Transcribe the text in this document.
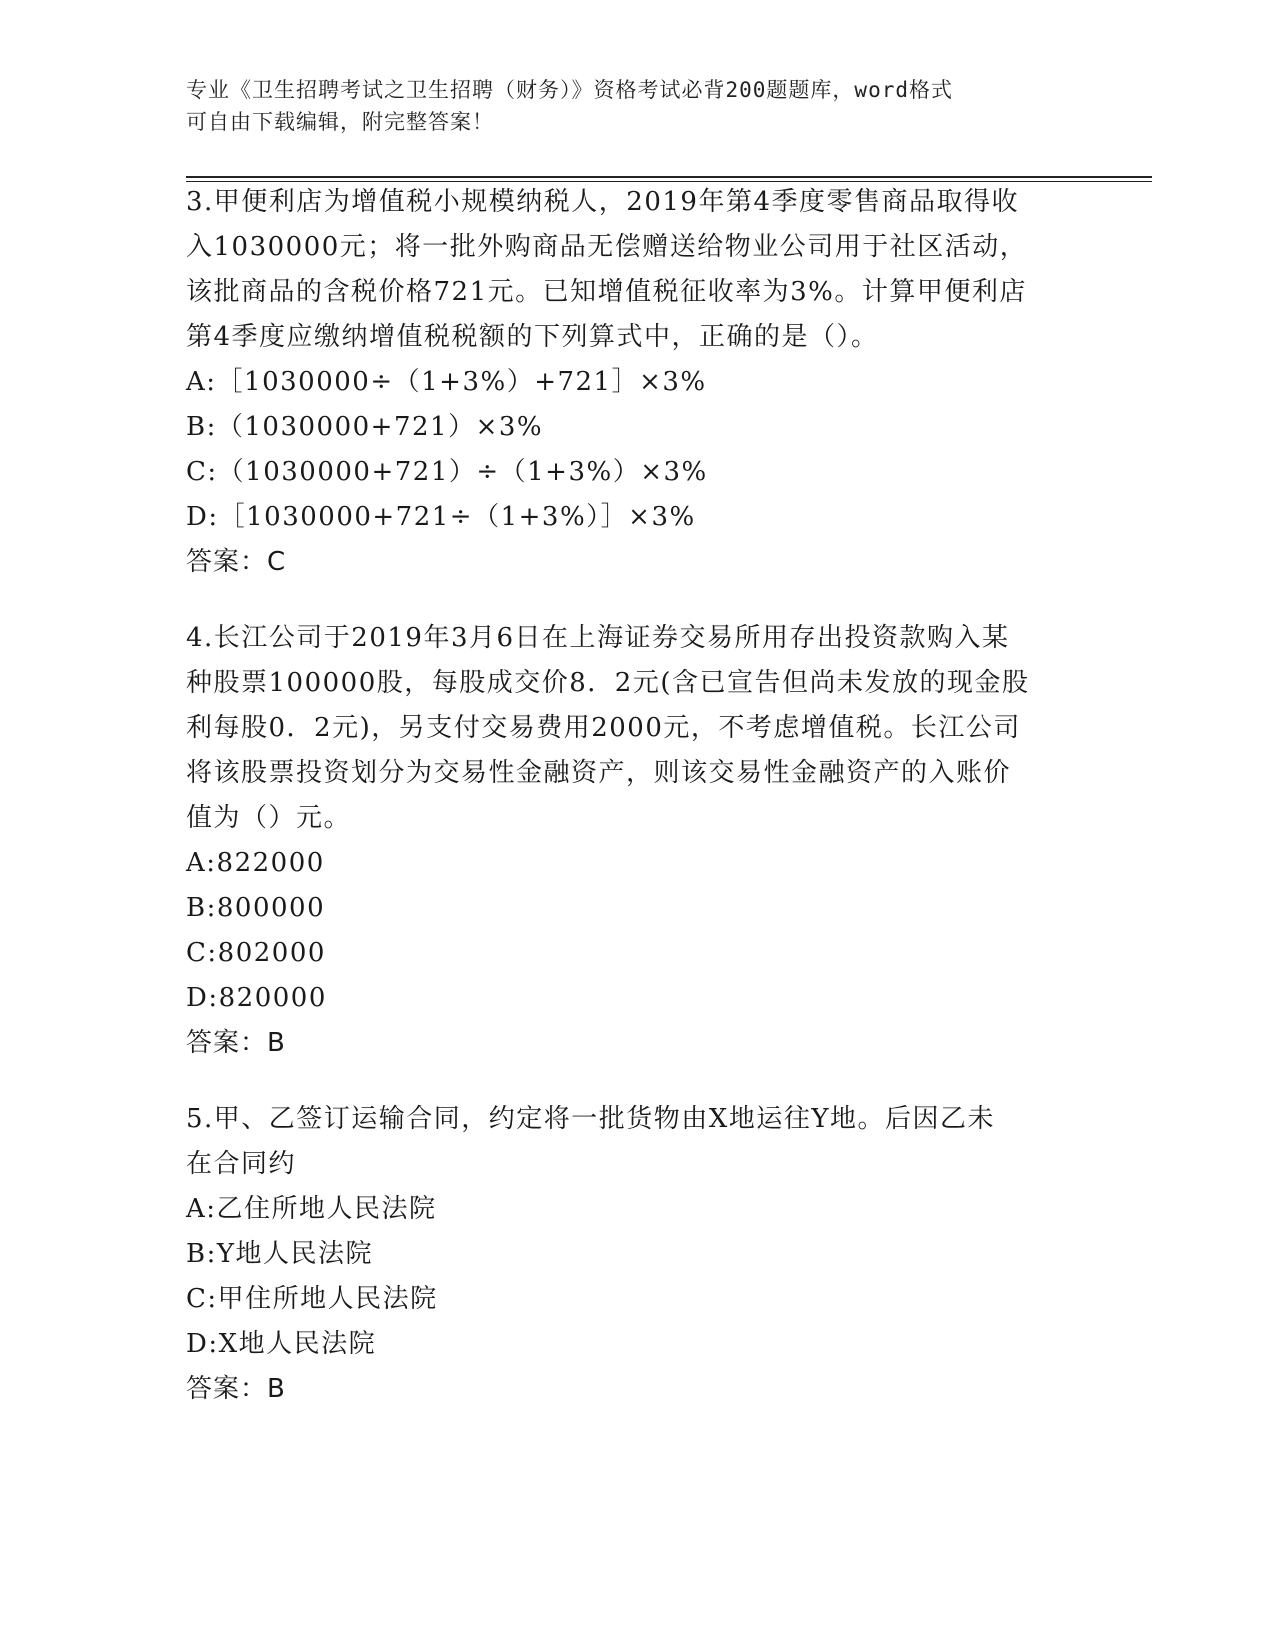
专业《卫生招聘考试之卫生招聘（财务）》资格考试必背200题题库，word格式
可自由下载编辑，附完整答案！
3.甲便利店为增值税小规模纳税人，2019年第4季度零售商品取得收
入1030000元；将一批外购商品无偿赠送给物业公司用于社区活动，
该批商品的含税价格721元。已知增值税征收率为3%。计算甲便利店
第4季度应缴纳增值税税额的下列算式中，正确的是（）。
A:［1030000÷（1+3%）+721］×3%
B:（1030000+721）×3%
C:（1030000+721）÷（1+3%）×3%
D:［1030000+721÷（1+3%）］×3%
答案：C
4.长江公司于2019年3月6日在上海证券交易所用存出投资款购入某
种股票100000股，每股成交价8．2元(含已宣告但尚未发放的现金股
利每股0．2元)，另支付交易费用2000元，不考虑增值税。长江公司
将该股票投资划分为交易性金融资产，则该交易性金融资产的入账价
值为（）元。
A:822000
B:800000
C:802000
D:820000
答案：B
5.甲、乙签订运输合同，约定将一批货物由X地运往Y地。后因乙未
在合同约
A:乙住所地人民法院
B:Y地人民法院
C:甲住所地人民法院
D:X地人民法院
答案：B
